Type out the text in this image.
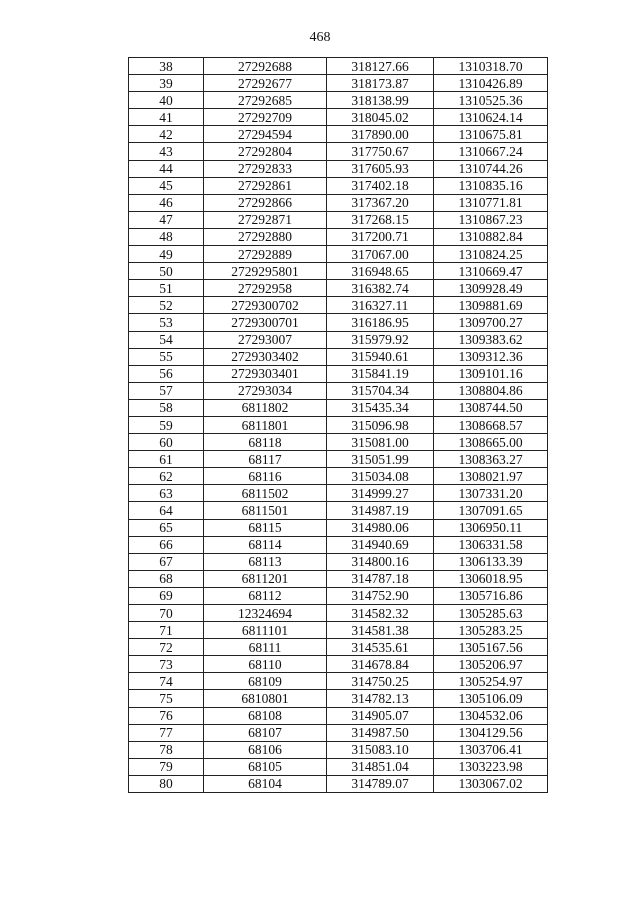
468
38	27292688	318127.66	1310318.70
39	27292677	318173.87	1310426.89
40	27292685	318138.99	1310525.36
41	27292709	318045.02	1310624.14
42	27294594	317890.00	1310675.81
43	27292804	317750.67	1310667.24
44	27292833	317605.93	1310744.26
45	27292861	317402.18	1310835.16
46	27292866	317367.20	1310771.81
47	27292871	317268.15	1310867.23
48	27292880	317200.71	1310882.84
49	27292889	317067.00	1310824.25
50	2729295801	316948.65	1310669.47
51	27292958	316382.74	1309928.49
52	2729300702	316327.11	1309881.69
53	2729300701	316186.95	1309700.27
54	27293007	315979.92	1309383.62
55	2729303402	315940.61	1309312.36
56	2729303401	315841.19	1309101.16
57	27293034	315704.34	1308804.86
58	6811802	315435.34	1308744.50
59	6811801	315096.98	1308668.57
60	68118	315081.00	1308665.00
61	68117	315051.99	1308363.27
62	68116	315034.08	1308021.97
63	6811502	314999.27	1307331.20
64	6811501	314987.19	1307091.65
65	68115	314980.06	1306950.11
66	68114	314940.69	1306331.58
67	68113	314800.16	1306133.39
68	6811201	314787.18	1306018.95
69	68112	314752.90	1305716.86
70	12324694	314582.32	1305285.63
71	6811101	314581.38	1305283.25
72	68111	314535.61	1305167.56
73	68110	314678.84	1305206.97
74	68109	314750.25	1305254.97
75	6810801	314782.13	1305106.09
76	68108	314905.07	1304532.06
77	68107	314987.50	1304129.56
78	68106	315083.10	1303706.41
79	68105	314851.04	1303223.98
80	68104	314789.07	1303067.02
